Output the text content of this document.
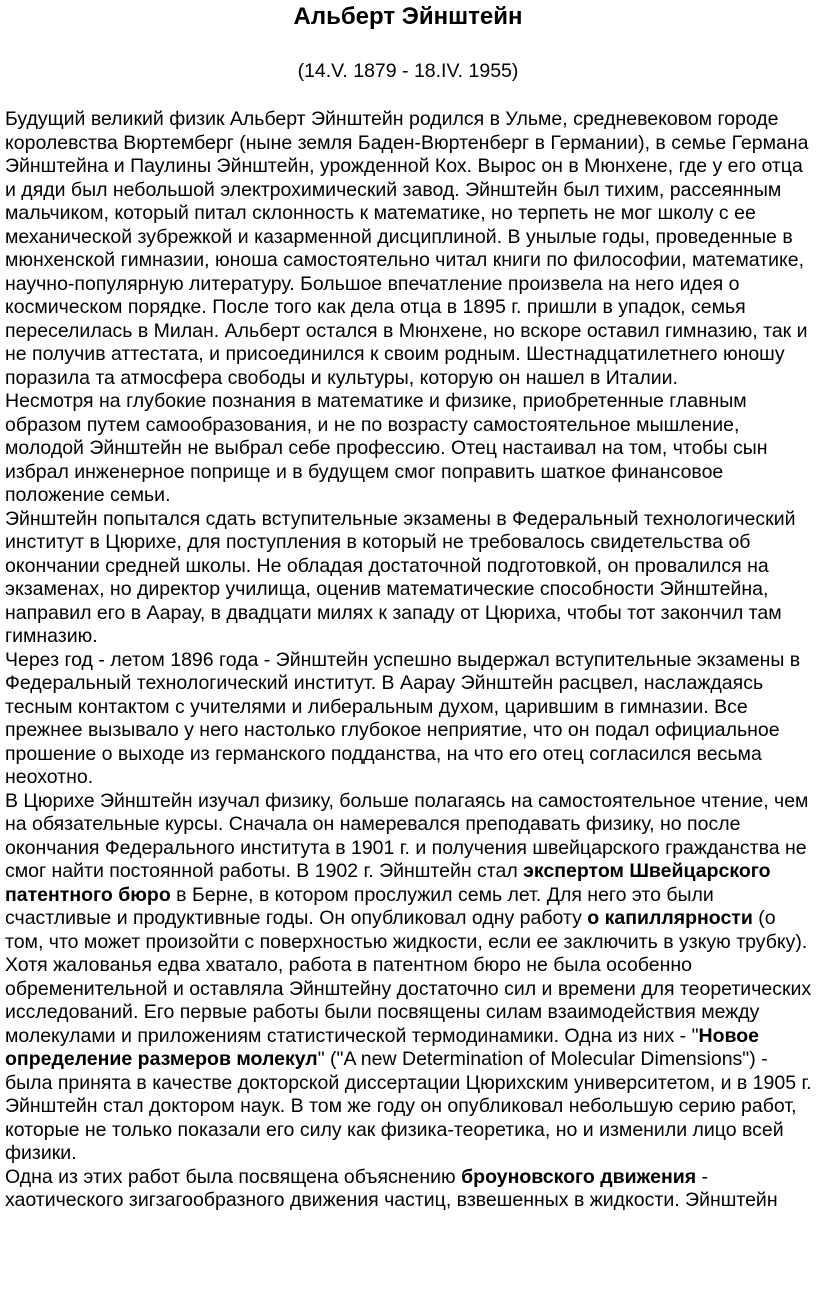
Альберт Эйнштейн
(14.V. 1879 - 18.IV. 1955)

Будущий великий физик Альберт Эйнштейн родился в Ульме, средневековом городе королевства Вюртемберг (ныне земля Баден-Вюртенберг в Германии), в семье Германа Эйнштейна и Паулины Эйнштейн, урожденной Кох. Вырос он в Мюнхене, где у его отца и дяди был небольшой электрохимический завод. Эйнштейн был тихим, рассеянным мальчиком, который питал склонность к математике, но терпеть не мог школу с ее механической зубрежкой и казарменной дисциплиной. В унылые годы, проведенные в мюнхенской гимназии, юноша самостоятельно читал книги по философии, математике, научно-популярную литературу. Большое впечатление произвела на него идея о космическом порядке. После того как дела отца в 1895 г. пришли в упадок, семья переселилась в Милан. Альберт остался в Мюнхене, но вскоре оставил гимназию, так и не получив аттестата, и присоединился к своим родным. Шестнадцатилетнего юношу поразила та атмосфера свободы и культуры, которую он нашел в Италии.

Несмотря на глубокие познания в математике и физике, приобретенные главным образом путем самообразования, и не по возрасту самостоятельное мышление, молодой Эйнштейн не выбрал себе профессию. Отец настаивал на том, чтобы сын избрал инженерное поприще и в будущем смог поправить шаткое финансовое положение семьи.

Эйнштейн попытался сдать вступительные экзамены в Федеральный технологический институт в Цюрихе, для поступления в который не требовалось свидетельства об окончании средней школы. Не обладая достаточной подготовкой, он провалился на экзаменах, но директор училища, оценив математические способности Эйнштейна, направил его в Аарау, в двадцати милях к западу от Цюриха, чтобы тот закончил там гимназию.

Через год - летом 1896 года - Эйнштейн успешно выдержал вступительные экзамены в Федеральный технологический институт. В Аарау Эйнштейн расцвел, наслаждаясь тесным контактом с учителями и либеральным духом, царившим в гимназии. Все прежнее вызывало у него настолько глубокое неприятие, что он подал официальное прошение о выходе из германского подданства, на что его отец согласился весьма неохотно.

В Цюрихе Эйнштейн изучал физику, больше полагаясь на самостоятельное чтение, чем на обязательные курсы. Сначала он намеревался преподавать физику, но после окончания Федерального института в 1901 г. и получения швейцарского гражданства не смог найти постоянной работы. В 1902 г. Эйнштейн стал экспертом Швейцарского патентного бюро в Берне, в котором прослужил семь лет. Для него это были счастливые и продуктивные годы. Он опубликовал одну работу о капиллярности (о том, что может произойти с поверхностью жидкости, если ее заключить в узкую трубку).

Хотя жалованья едва хватало, работа в патентном бюро не была особенно обременительной и оставляла Эйнштейну достаточно сил и времени для теоретических исследований. Его первые работы были посвящены силам взаимодействия между молекулами и приложениям статистической термодинамики. Одна из них - "Новое определение размеров молекул" ("A new Determination of Molecular Dimensions") - была принята в качестве докторской диссертации Цюрихским университетом, и в 1905 г. Эйнштейн стал доктором наук. В том же году он опубликовал небольшую серию работ, которые не только показали его силу как физика-теоретика, но и изменили лицо всей физики.

Одна из этих работ была посвящена объяснению броуновского движения - хаотического зигзагообразного движения частиц, взвешенных в жидкости. Эйнштейн
